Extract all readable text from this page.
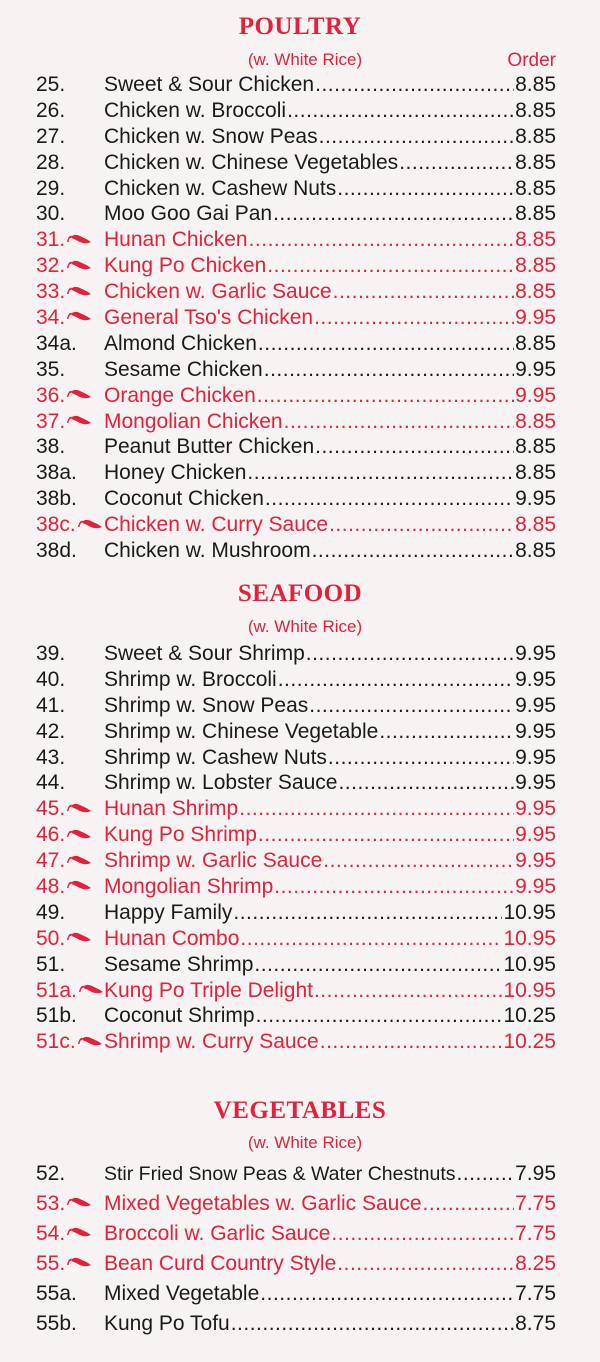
POULTRY
(w. White Rice)	Order
25.	Sweet & Sour Chicken .....	8.85
26.	Chicken w. Broccoli .....	8.85
27.	Chicken w. Snow Peas .....	8.85
28.	Chicken w. Chinese Vegetables .....	8.85
29.	Chicken w. Cashew Nuts .....	8.85
30.	Moo Goo Gai Pan .....	8.85
31.	Hunan Chicken .....	8.85
32.	Kung Po Chicken .....	8.85
33.	Chicken w. Garlic Sauce .....	8.85
34.	General Tso's Chicken .....	9.95
34a.	Almond Chicken .....	8.85
35.	Sesame Chicken .....	9.95
36.	Orange Chicken .....	9.95
37.	Mongolian Chicken .....	8.85
38.	Peanut Butter Chicken .....	8.85
38a.	Honey Chicken .....	8.85
38b.	Coconut Chicken .....	9.95
38c.	Chicken w. Curry Sauce .....	8.85
38d.	Chicken w. Mushroom .....	8.85
SEAFOOD
(w. White Rice)
39.	Sweet & Sour Shrimp .....	9.95
40.	Shrimp w. Broccoli .....	9.95
41.	Shrimp w. Snow Peas .....	9.95
42.	Shrimp w. Chinese Vegetable .....	9.95
43.	Shrimp w. Cashew Nuts .....	9.95
44.	Shrimp w. Lobster Sauce .....	9.95
45.	Hunan Shrimp .....	9.95
46.	Kung Po Shrimp .....	9.95
47.	Shrimp w. Garlic Sauce .....	9.95
48.	Mongolian Shrimp .....	9.95
49.	Happy Family .....	10.95
50.	Hunan Combo .....	10.95
51.	Sesame Shrimp .....	10.95
51a.	Kung Po Triple Delight .....	10.95
51b.	Coconut Shrimp .....	10.25
51c.	Shrimp w. Curry Sauce .....	10.25
VEGETABLES
(w. White Rice)
52.	Stir Fried Snow Peas & Water Chestnuts .....	7.95
53.	Mixed Vegetables w. Garlic Sauce .....	7.75
54.	Broccoli w. Garlic Sauce .....	7.75
55.	Bean Curd Country Style .....	8.25
55a.	Mixed Vegetable .....	7.75
55b.	Kung Po Tofu .....	8.75
